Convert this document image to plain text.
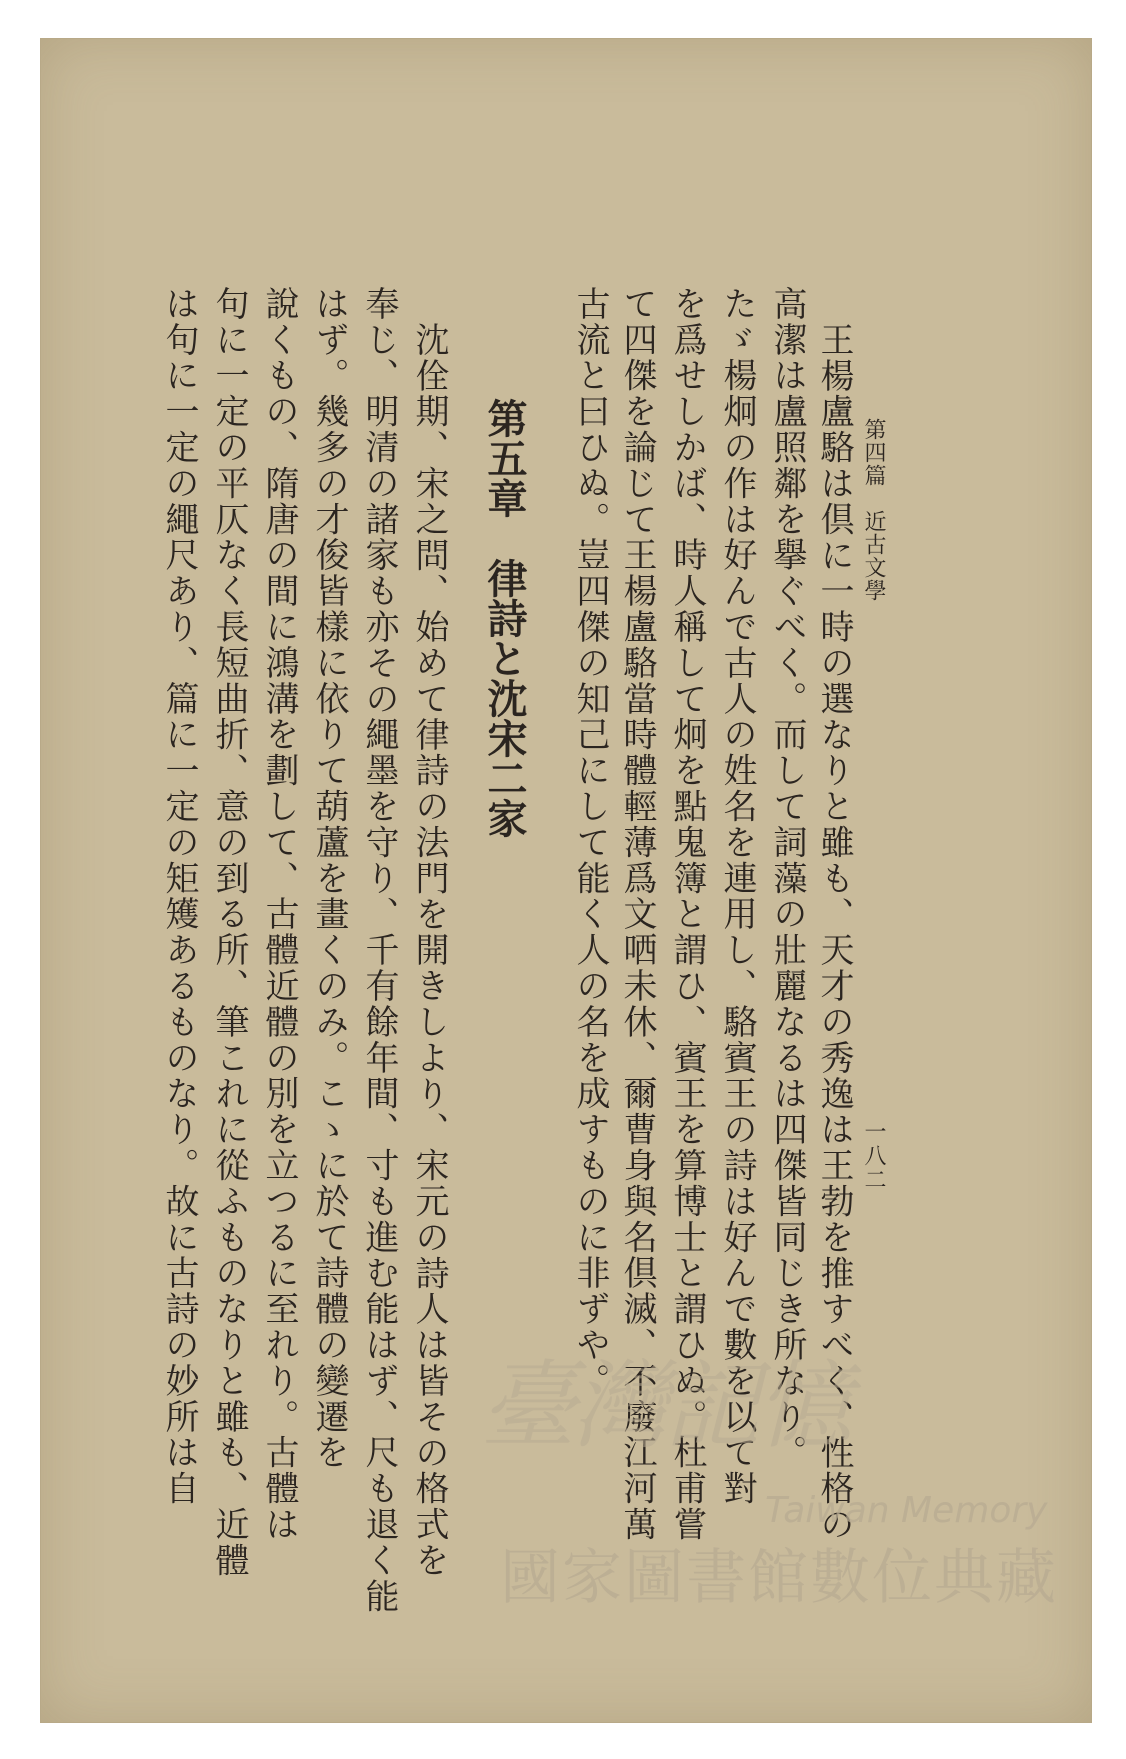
第四篇　近古文學
一八二
王楊盧駱は倶に一時の選なりと雖も、天才の秀逸は王勃を推すべく、性格の
高潔は盧照鄰を擧ぐべく。而して詞藻の壯麗なるは四傑皆同じき所なり。
たゞ楊炯の作は好んで古人の姓名を連用し、駱賓王の詩は好んで數を以て對
を爲せしかば、時人稱して炯を點鬼簿と謂ひ、賓王を算博士と謂ひぬ。杜甫嘗
て四傑を論じて王楊盧駱當時體輕薄爲文哂未休、爾曹身與名倶滅、不廢江河萬
古流と曰ひぬ。豈四傑の知己にして能く人の名を成すものに非ずや。
第五章律詩と沈宋二家
沈佺期、宋之問、始めて律詩の法門を開きしより、宋元の詩人は皆その格式を
奉じ、明清の諸家も亦その繩墨を守り、千有餘年間、寸も進む能はず、尺も退く能
はず。幾多の才俊皆樣に依りて葫蘆を畫くのみ。こゝに於て詩體の變遷を
說くもの、隋唐の間に鴻溝を劃して、古體近體の別を立つるに至れり。古體は
句に一定の平仄なく長短曲折、意の到る所、筆これに從ふものなりと雖も、近體
は句に一定の繩尺あり、篇に一定の矩矱あるものなり。故に古詩の妙所は自	臺灣記憶
Taiwan Memory
國家圖書館數位典藏
